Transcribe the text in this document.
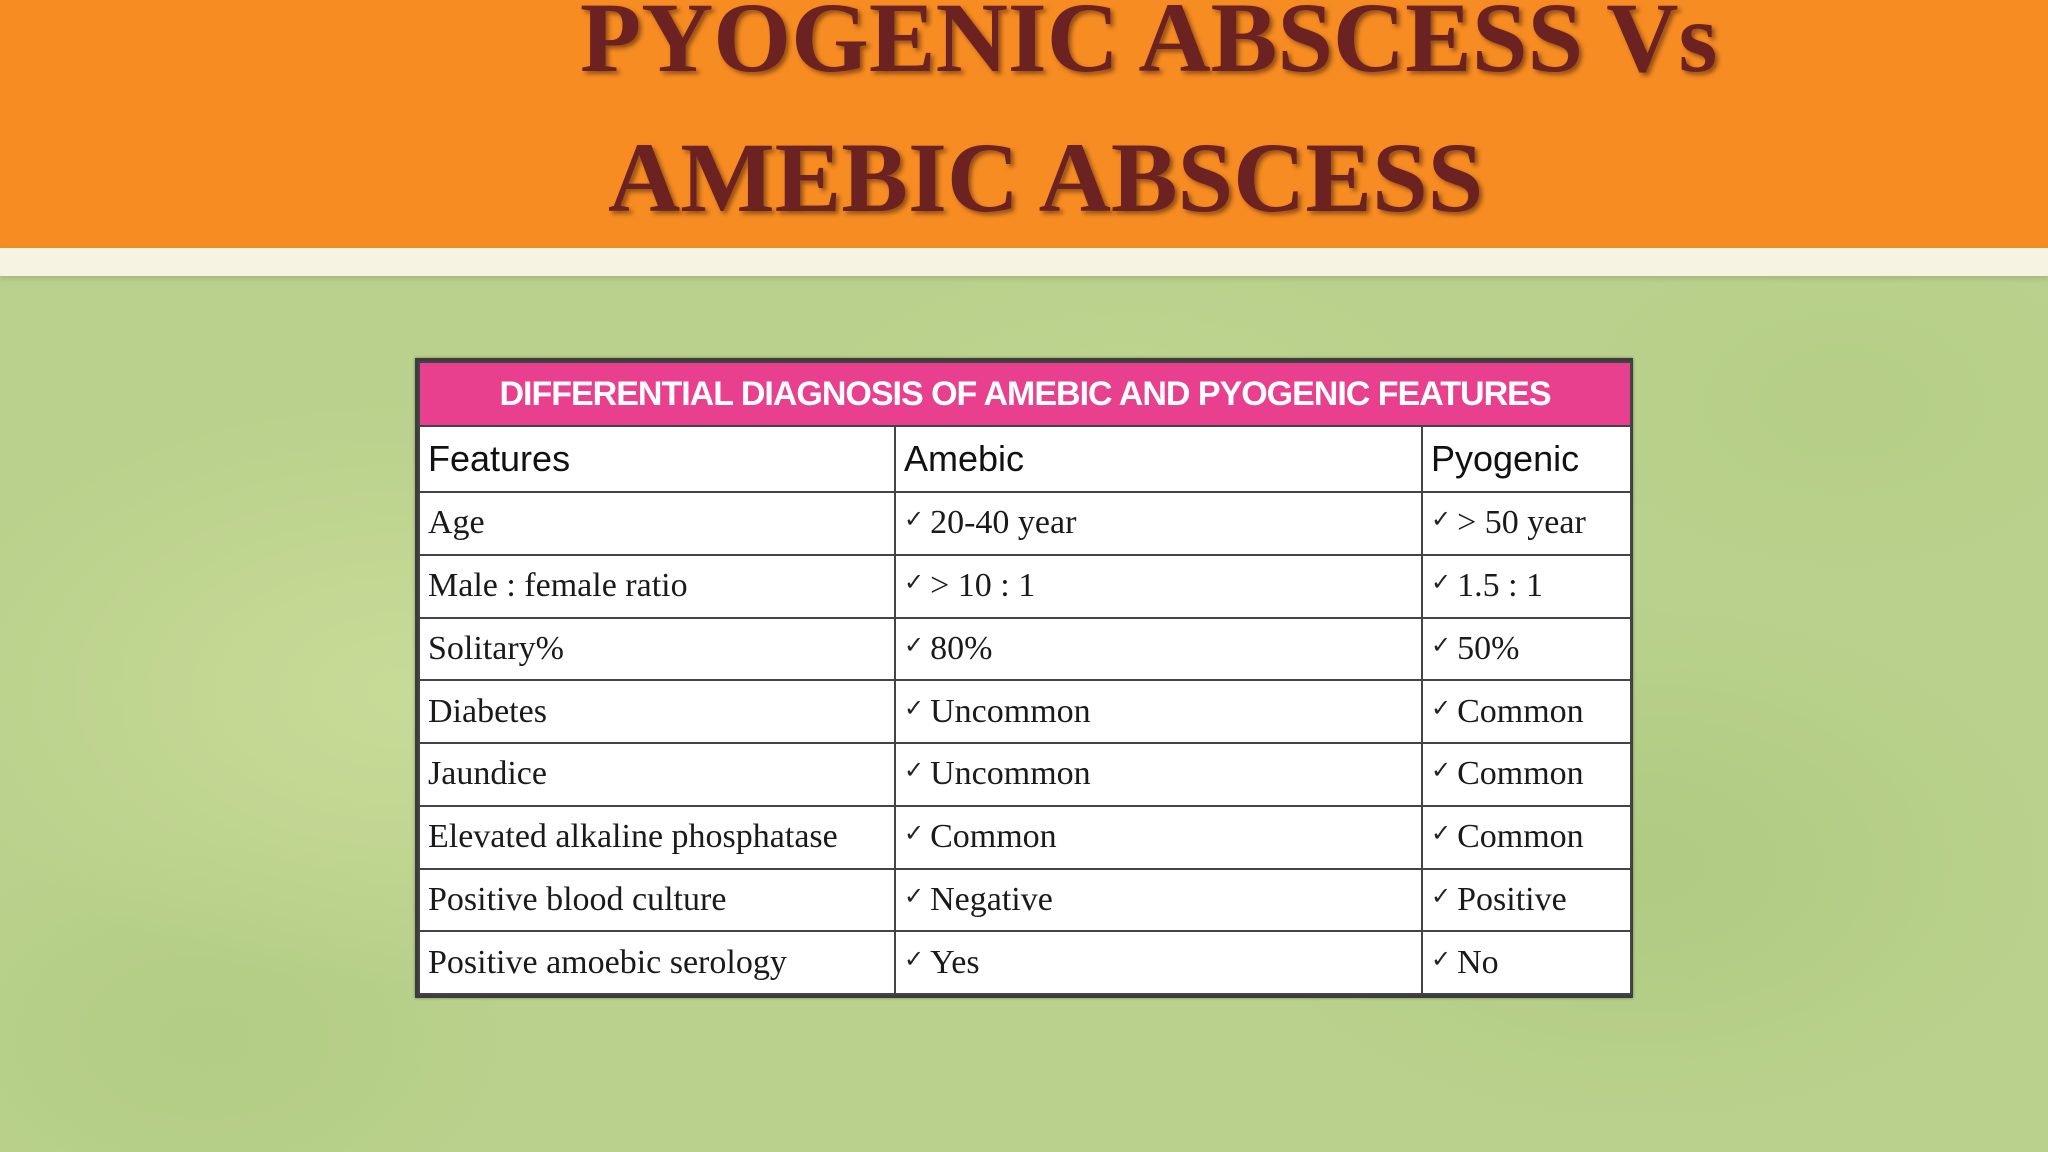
PYOGENIC ABSCESS Vs
AMEBIC ABSCESS
DIFFERENTIAL DIAGNOSIS OF AMEBIC AND PYOGENIC FEATURES		
Features	Amebic	Pyogenic
Age	✓ 20-40 year	✓ > 50 year
Male : female ratio	✓ > 10 : 1	✓ 1.5 : 1
Solitary%	✓ 80%	✓ 50%
Diabetes	✓ Uncommon	✓ Common
Jaundice	✓ Uncommon	✓ Common
Elevated alkaline phosphatase	✓ Common	✓ Common
Positive blood culture	✓ Negative	✓ Positive
Positive amoebic serology	✓ Yes	✓ No
